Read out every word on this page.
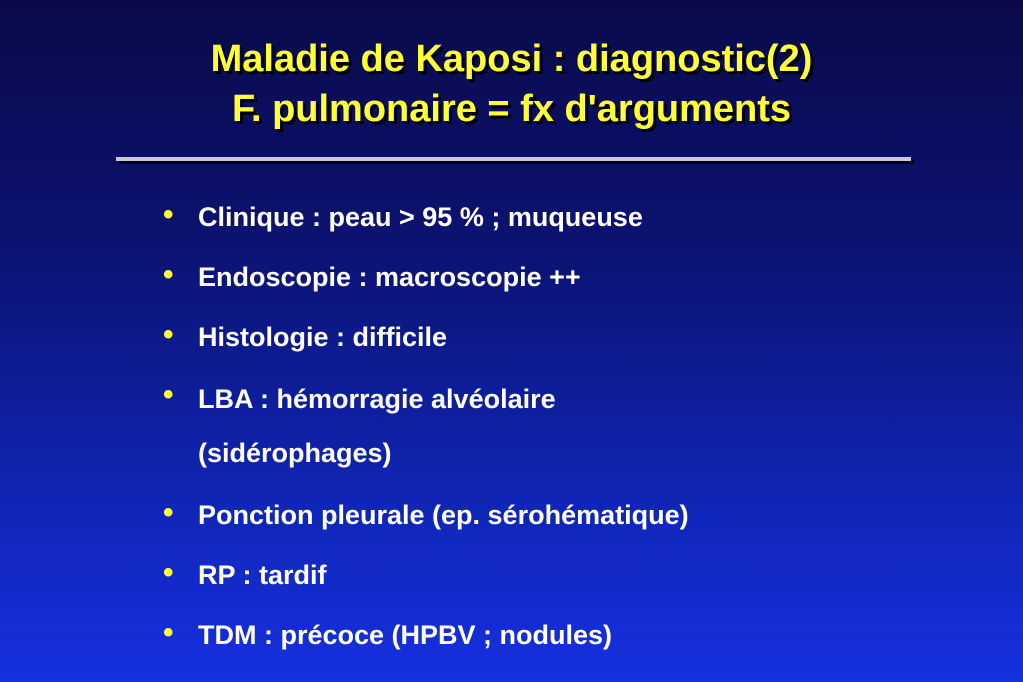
Maladie de Kaposi : diagnostic(2)
F. pulmonaire = fx d'arguments
• Clinique : peau > 95 % ; muqueuse
• Endoscopie : macroscopie ++
• Histologie : difficile
• LBA : hémorragie alvéolaire (sidérophages)
• Ponction pleurale (ep. sérohématique)
• RP : tardif
• TDM : précoce (HPBV ; nodules)
